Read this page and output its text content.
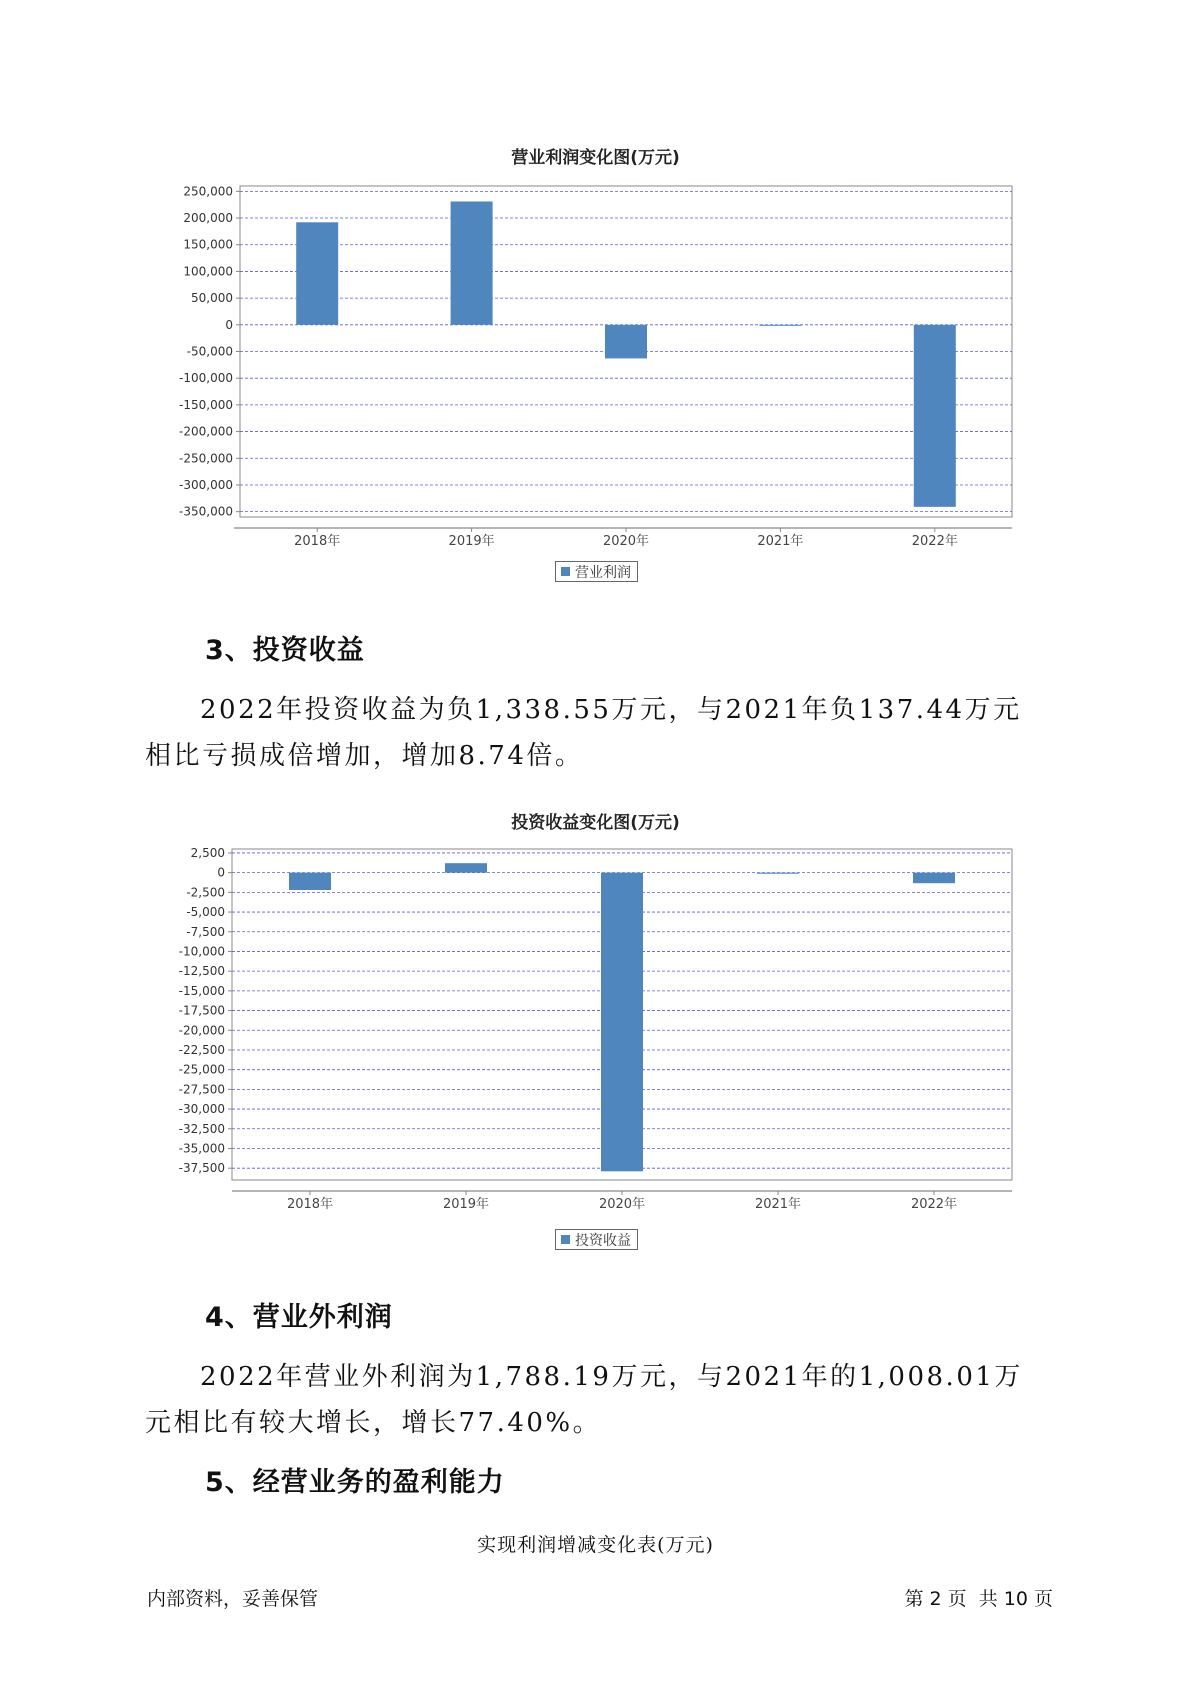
营业利润变化图(万元)
250,000
200,000
150,000
100,000
50,000
0
-50,000
-100,000
-150,000
-200,000
-250,000
-300,000
-350,000
2018年	2019年	2020年	2021年	2022年
营业利润
3、投资收益

2022年投资收益为负1,338.55万元，与2021年负137.44万元相比亏损成倍增加，增加8.74倍。

投资收益变化图(万元)
2,500
0
-2,500
-5,000
-7,500
-10,000
-12,500
-15,000
-17,500
-20,000
-22,500
-25,000
-27,500
-30,000
-32,500
-35,000
-37,500
2018年	2019年	2020年	2021年	2022年
投资收益
4、营业外利润

2022年营业外利润为1,788.19万元，与2021年的1,008.01万元相比有较大增长，增长77.40%。

5、经营业务的盈利能力
实现利润增减变化表(万元)
内部资料，妥善保管	第 2 页  共 10 页
